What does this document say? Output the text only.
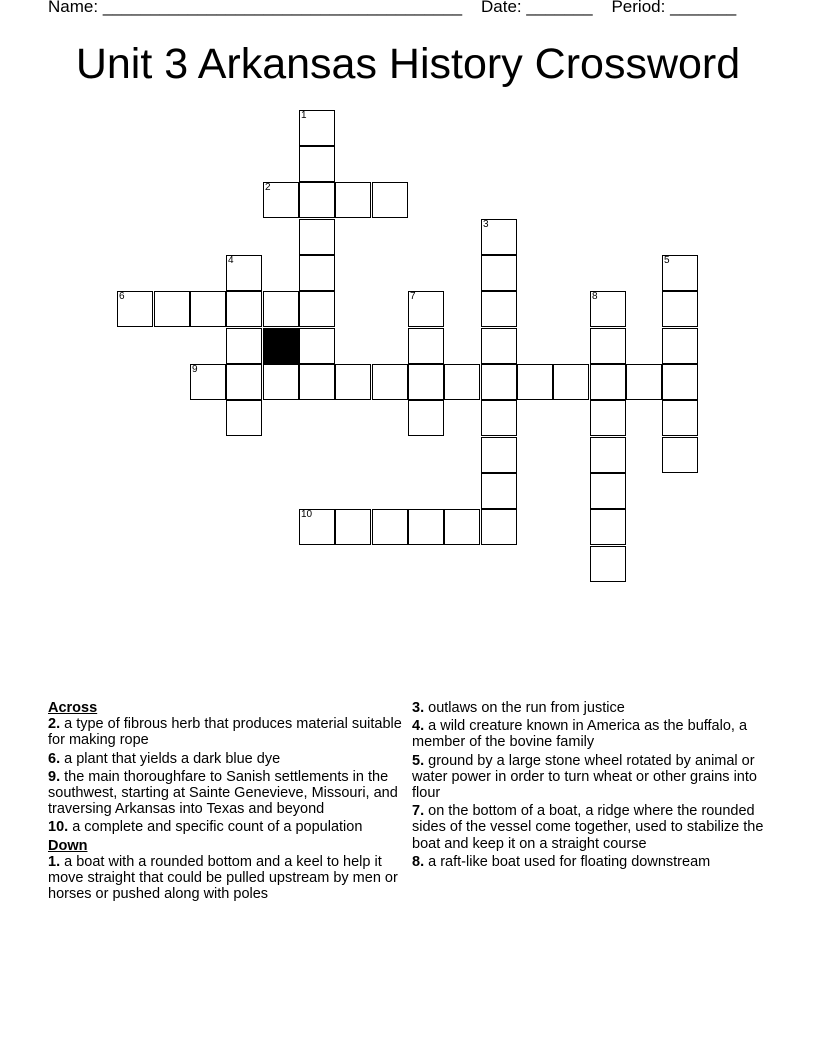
Name: ______________________________________ Date: _______ Period: _______
Unit 3 Arkansas History Crossword
1
2
3
4	5
6	7	8
9
10
Across
2. a type of fibrous herb that produces material suitable for making rope
6. a plant that yields a dark blue dye
9. the main thoroughfare to Sanish settlements in the southwest, starting at Sainte Genevieve, Missouri, and traversing Arkansas into Texas and beyond
10. a complete and specific count of a population
Down
1. a boat with a rounded bottom and a keel to help it move straight that could be pulled upstream by men or horses or pushed along with poles
3. outlaws on the run from justice
4. a wild creature known in America as the buffalo, a member of the bovine family
5. ground by a large stone wheel rotated by animal or water power in order to turn wheat or other grains into flour
7. on the bottom of a boat, a ridge where the rounded sides of the vessel come together, used to stabilize the boat and keep it on a straight course
8. a raft-like boat used for floating downstream
